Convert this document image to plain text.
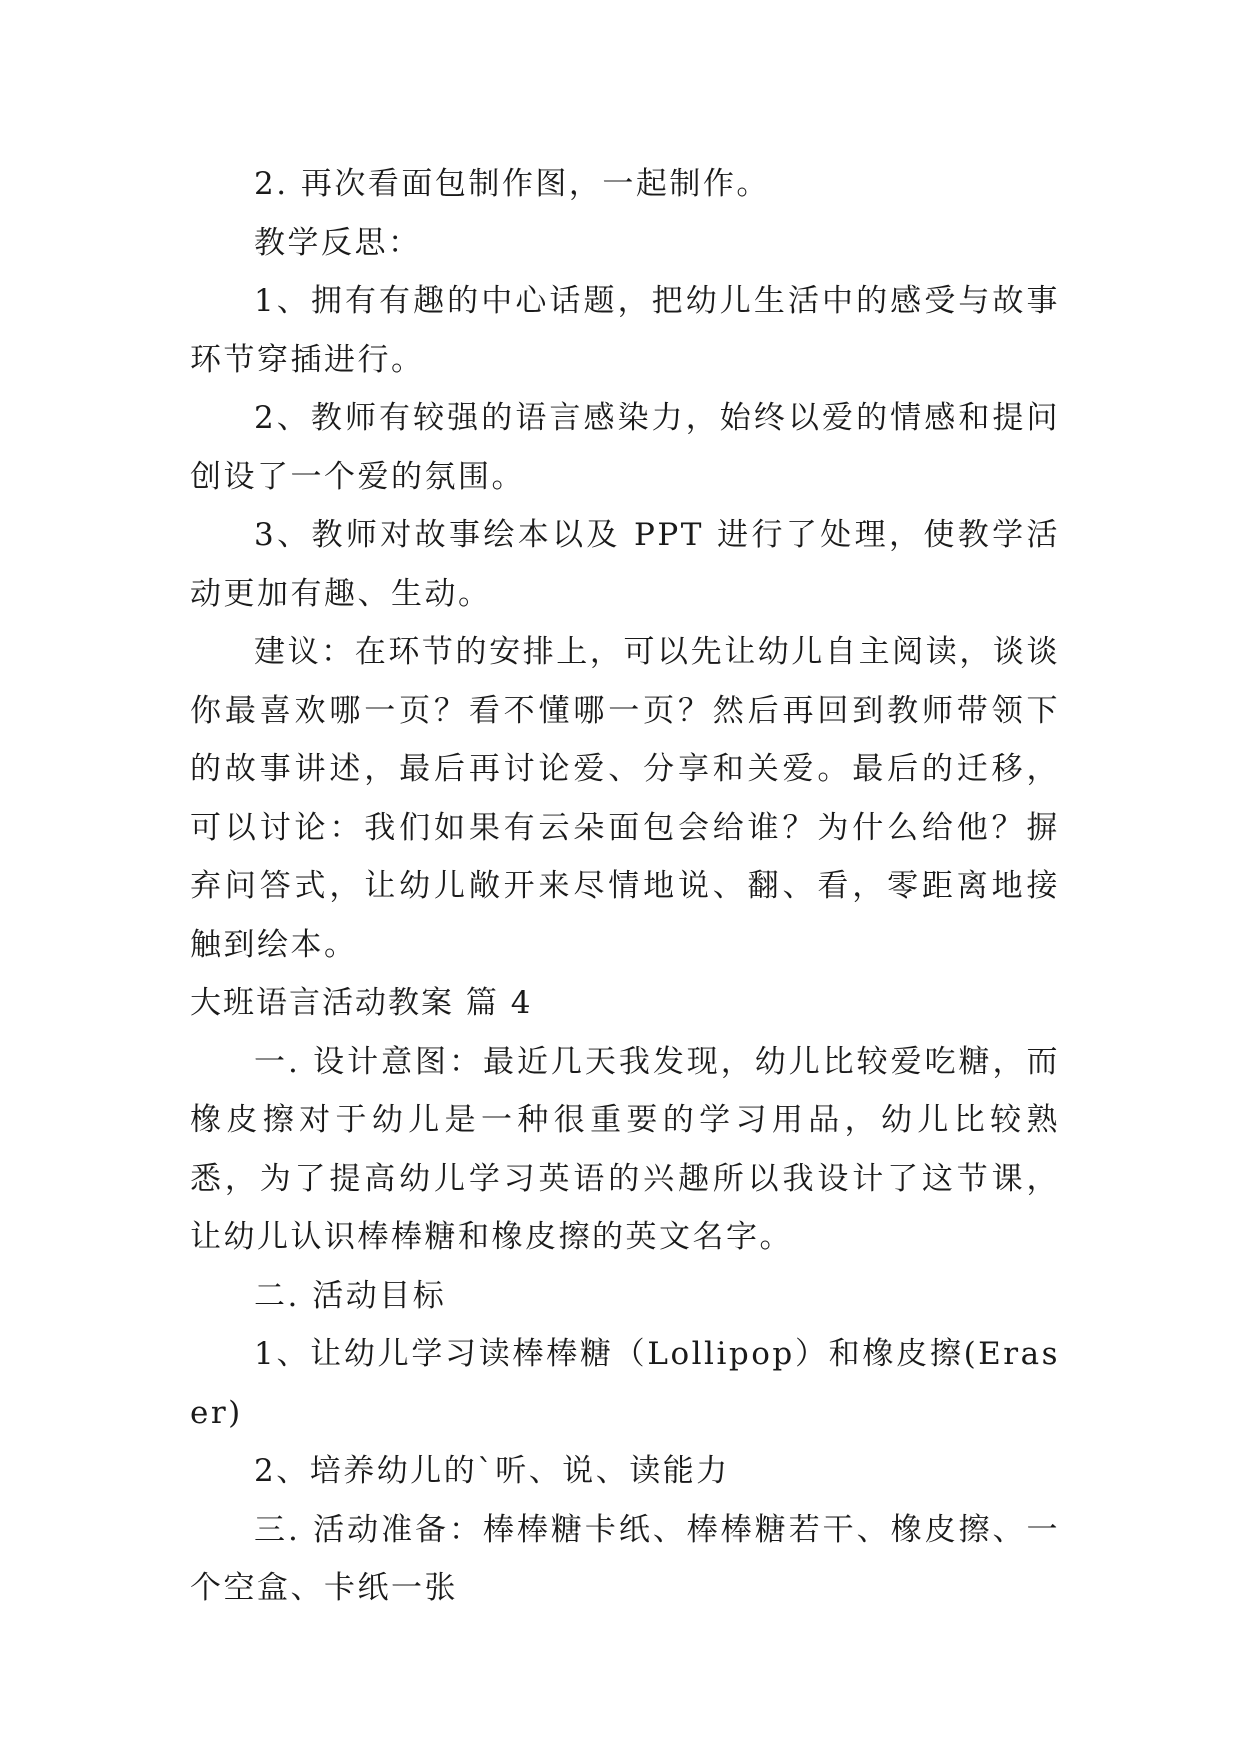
2. 再次看面包制作图，一起制作。

教学反思：

1、拥有有趣的中心话题，把幼儿生活中的感受与故事环节穿插进行。

2、教师有较强的语言感染力，始终以爱的情感和提问创设了一个爱的氛围。

3、教师对故事绘本以及 PPT 进行了处理，使教学活动更加有趣、生动。

建议：在环节的安排上，可以先让幼儿自主阅读，谈谈你最喜欢哪一页？看不懂哪一页？然后再回到教师带领下的故事讲述，最后再讨论爱、分享和关爱。最后的迁移，可以讨论：我们如果有云朵面包会给谁？为什么给他？摒弃问答式，让幼儿敞开来尽情地说、翻、看，零距离地接触到绘本。

大班语言活动教案 篇 4

一. 设计意图：最近几天我发现，幼儿比较爱吃糖，而橡皮擦对于幼儿是一种很重要的学习用品，幼儿比较熟悉，为了提高幼儿学习英语的兴趣所以我设计了这节课，让幼儿认识棒棒糖和橡皮擦的英文名字。

二. 活动目标

1、让幼儿学习读棒棒糖（Lollipop）和橡皮擦(Eraser)

2、培养幼儿的`听、说、读能力

三. 活动准备：棒棒糖卡纸、棒棒糖若干、橡皮擦、一个空盒、卡纸一张
